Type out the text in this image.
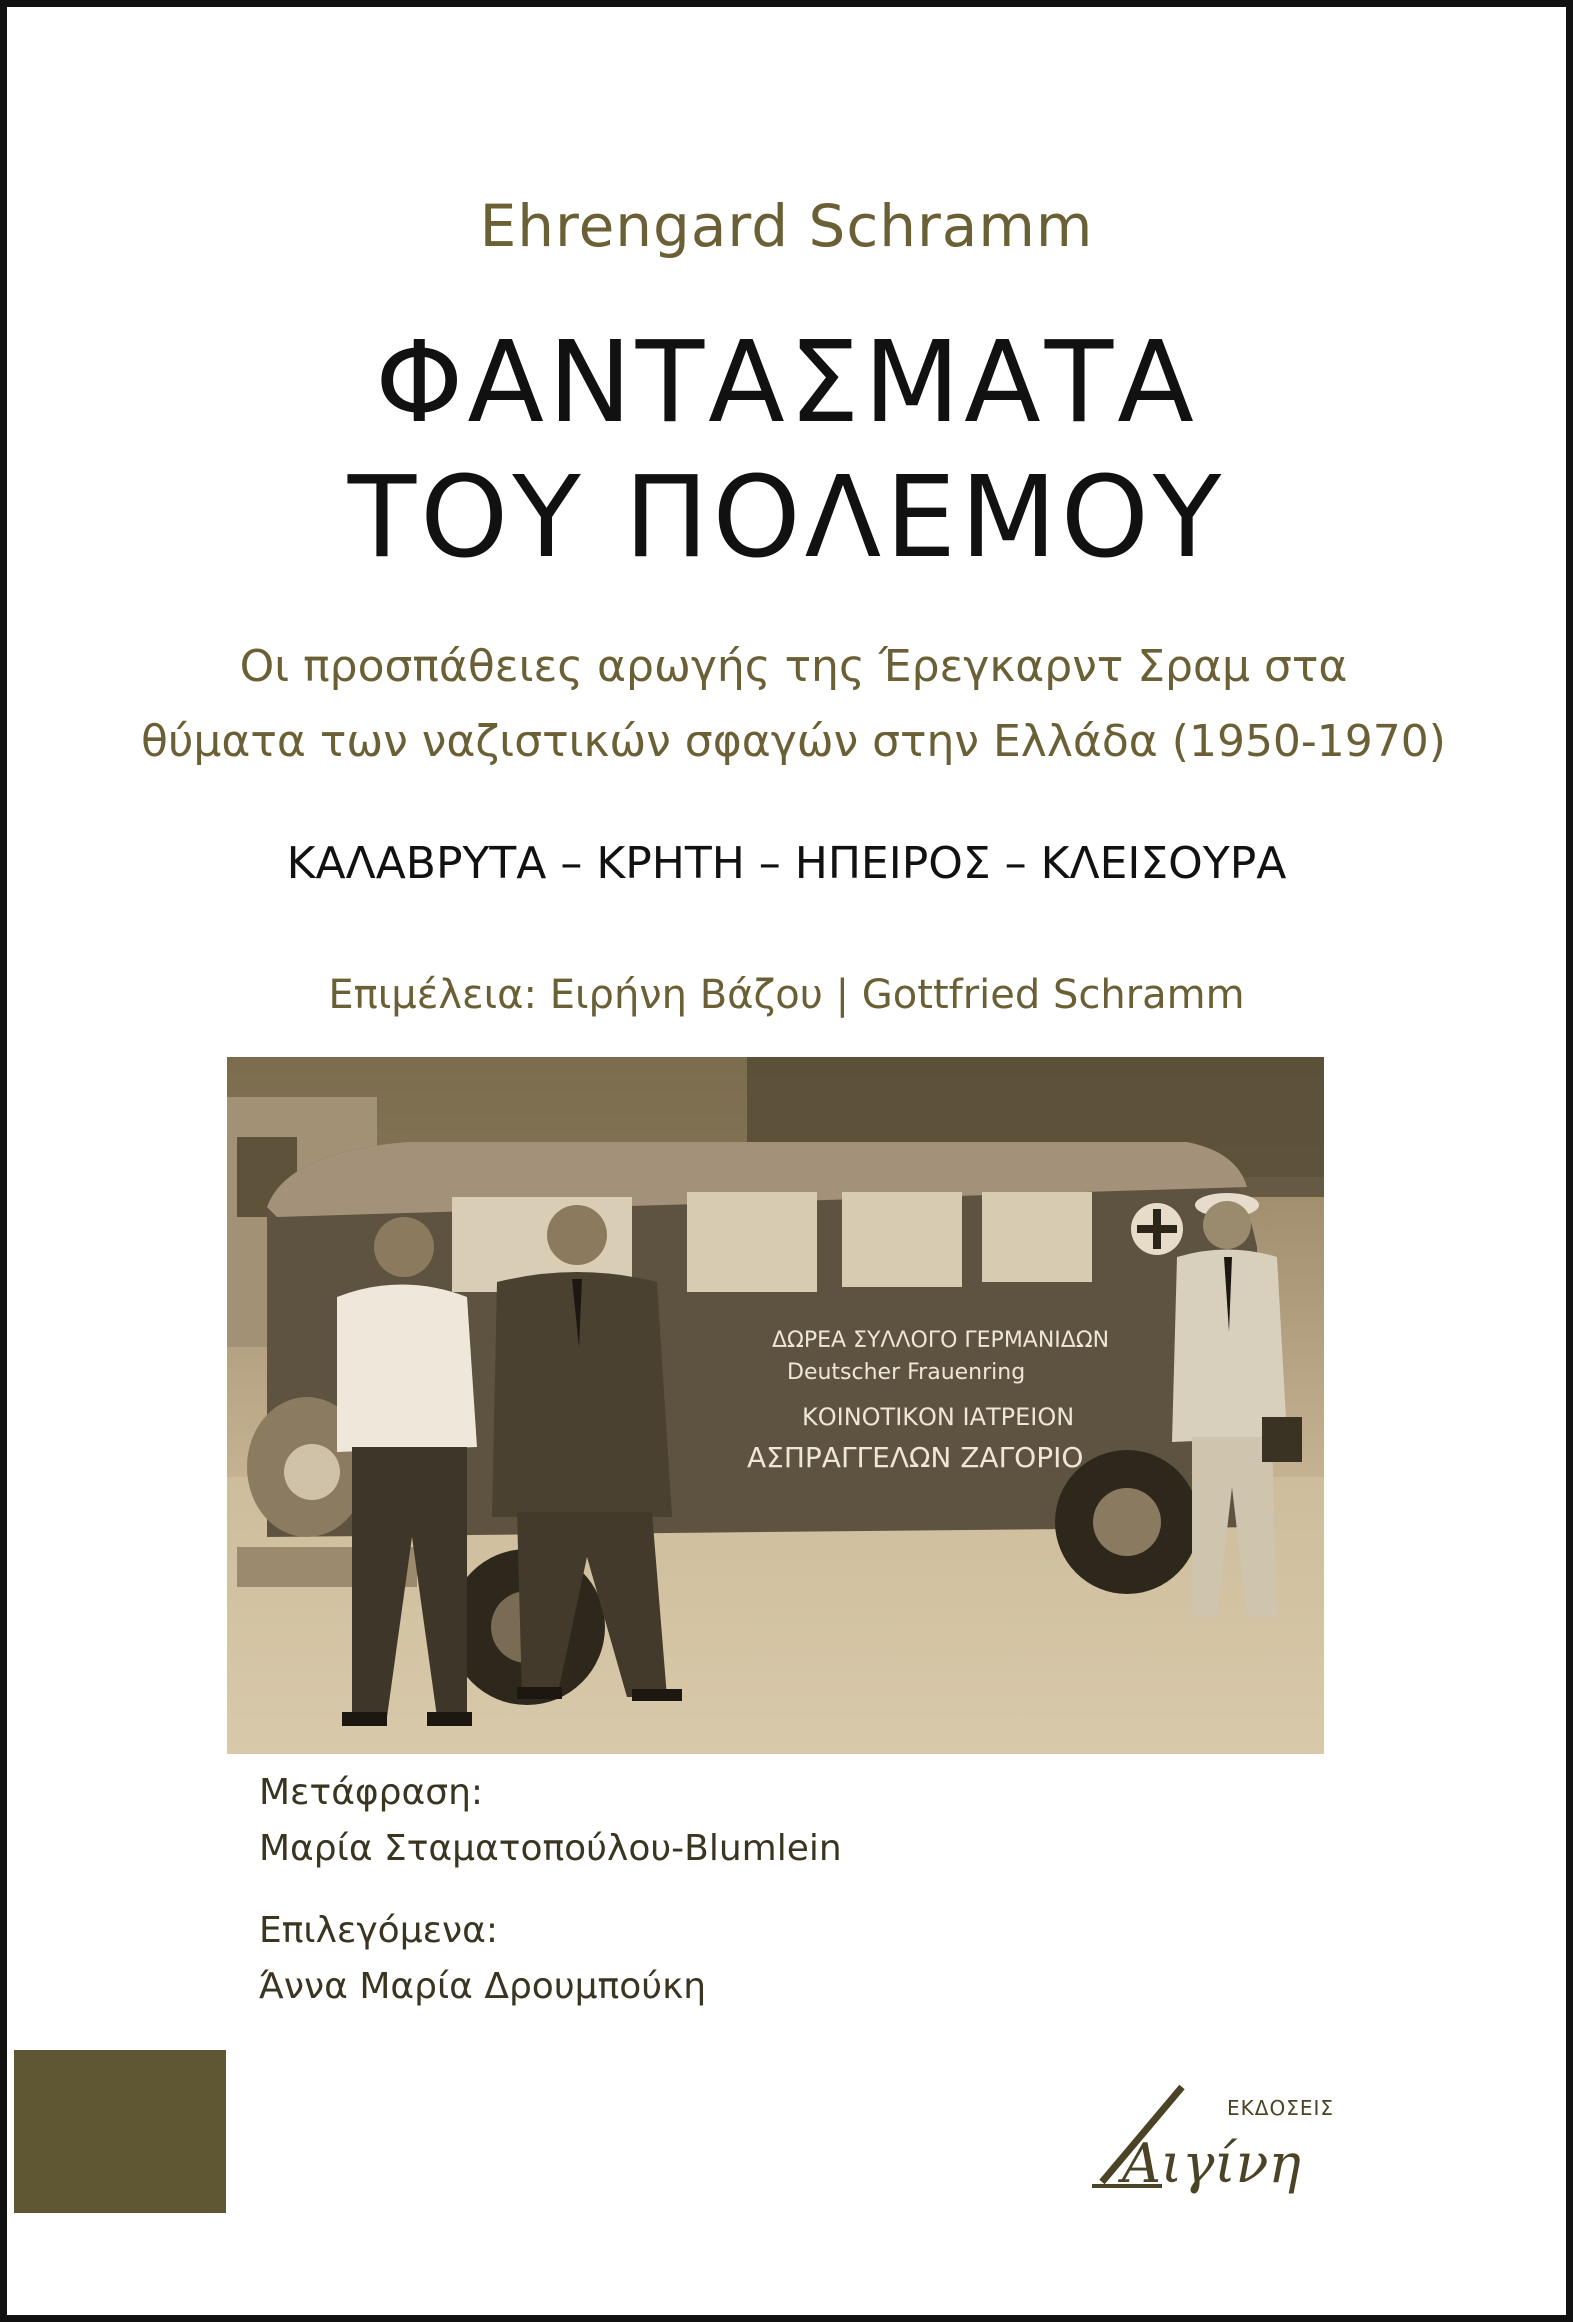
Ehrengard Schramm
ΦΑΝΤΑΣΜΑΤΑ
ΤΟΥ ΠΟΛΕΜΟΥ
Οι προσπάθειες αρωγής της Έρεγκαρντ Σραμ στα
θύματα των ναζιστικών σφαγών στην Ελλάδα (1950-1970)
ΚΑΛΑΒΡΥΤΑ – ΚΡΗΤΗ – ΗΠΕΙΡΟΣ – ΚΛΕΙΣΟΥΡΑ
Επιμέλεια: Ειρήνη Βάζου | Gottfried Schramm
ΔΩΡΕΑ ΣΥΛΛΟΓΟ ΓΕΡΜΑΝΙΔΩΝ
Deutscher Frauenring
ΚΟΙΝΟΤΙΚΟΝ ΙΑΤΡΕΙΟΝ
ΑΣΠΡΑΓΓΕΛΩΝ ΖΑΓΟΡΙΟ
Μετάφραση:
Μαρία Σταματοπούλου-Blumlein
Επιλεγόμενα:
Άννα Μαρία Δρουμπούκη
ΕΚΔΟΣΕΙΣ
Αιγίνη
